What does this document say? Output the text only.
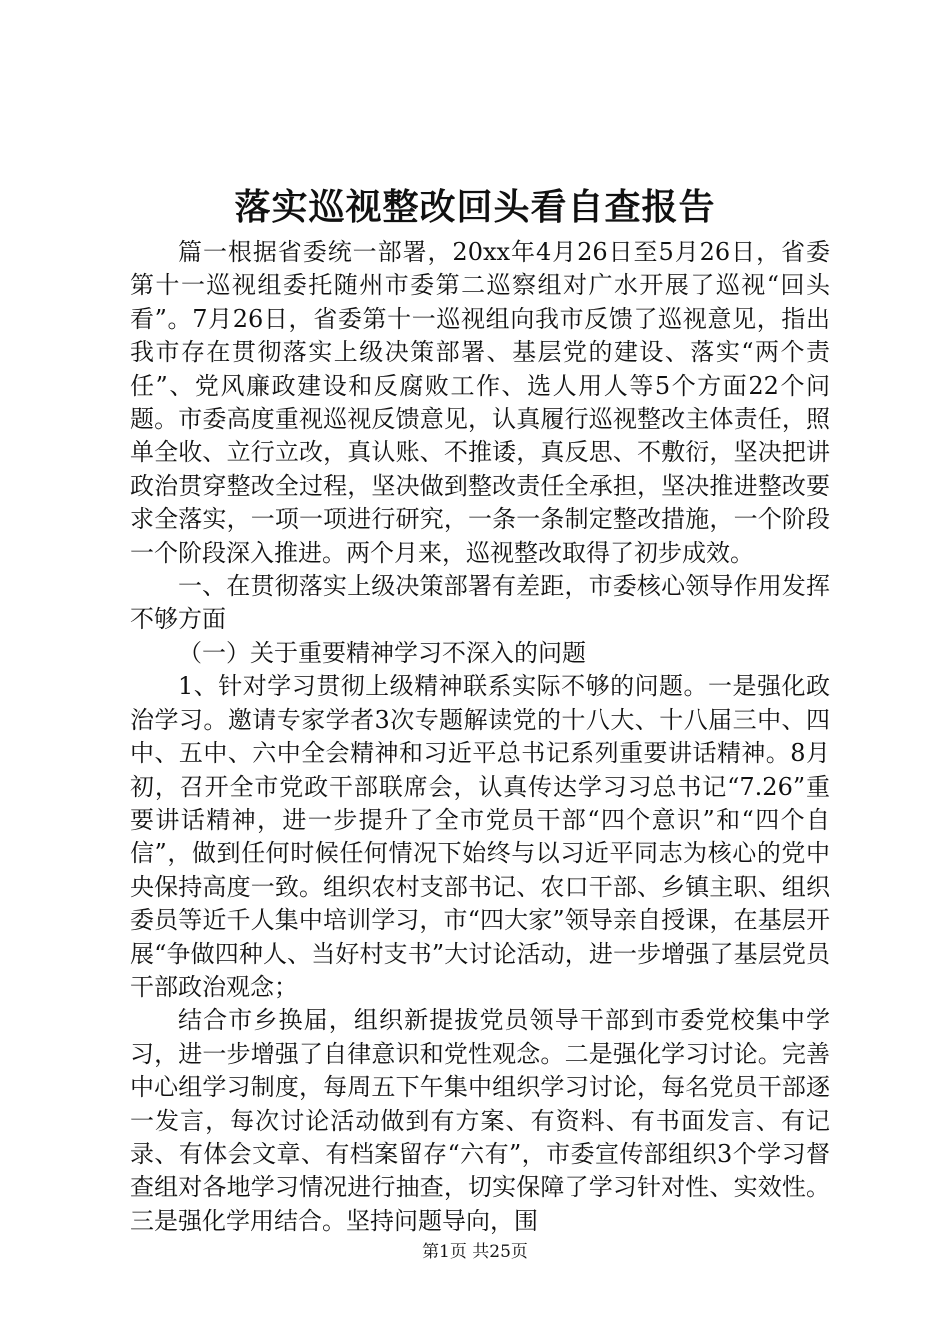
落实巡视整改回头看自查报告

篇一根据省委统一部署，20xx年4月26日至5月26日，省委第十一巡视组委托随州市委第二巡察组对广水开展了巡视“回头看”。7月26日，省委第十一巡视组向我市反馈了巡视意见，指出我市存在贯彻落实上级决策部署、基层党的建设、落实“两个责任”、党风廉政建设和反腐败工作、选人用人等5个方面22个问题。市委高度重视巡视反馈意见，认真履行巡视整改主体责任，照单全收、立行立改，真认账、不推诿，真反思、不敷衍，坚决把讲政治贯穿整改全过程，坚决做到整改责任全承担，坚决推进整改要求全落实，一项一项进行研究，一条一条制定整改措施，一个阶段一个阶段深入推进。两个月来，巡视整改取得了初步成效。

一、在贯彻落实上级决策部署有差距，市委核心领导作用发挥不够方面

（一）关于重要精神学习不深入的问题

1、针对学习贯彻上级精神联系实际不够的问题。一是强化政治学习。邀请专家学者3次专题解读党的十八大、十八届三中、四中、五中、六中全会精神和习近平总书记系列重要讲话精神。8月初，召开全市党政干部联席会，认真传达学习习总书记“7.26”重要讲话精神，进一步提升了全市党员干部“四个意识”和“四个自信”，做到任何时候任何情况下始终与以习近平同志为核心的党中央保持高度一致。组织农村支部书记、农口干部、乡镇主职、组织委员等近千人集中培训学习，市“四大家”领导亲自授课，在基层开展“争做四种人、当好村支书”大讨论活动，进一步增强了基层党员干部政治观念；

结合市乡换届，组织新提拔党员领导干部到市委党校集中学习，进一步增强了自律意识和党性观念。二是强化学习讨论。完善中心组学习制度，每周五下午集中组织学习讨论，每名党员干部逐一发言，每次讨论活动做到有方案、有资料、有书面发言、有记录、有体会文章、有档案留存“六有”，市委宣传部组织3个学习督查组对各地学习情况进行抽查，切实保障了学习针对性、实效性。三是强化学用结合。坚持问题导向，围

第1页 共25页
